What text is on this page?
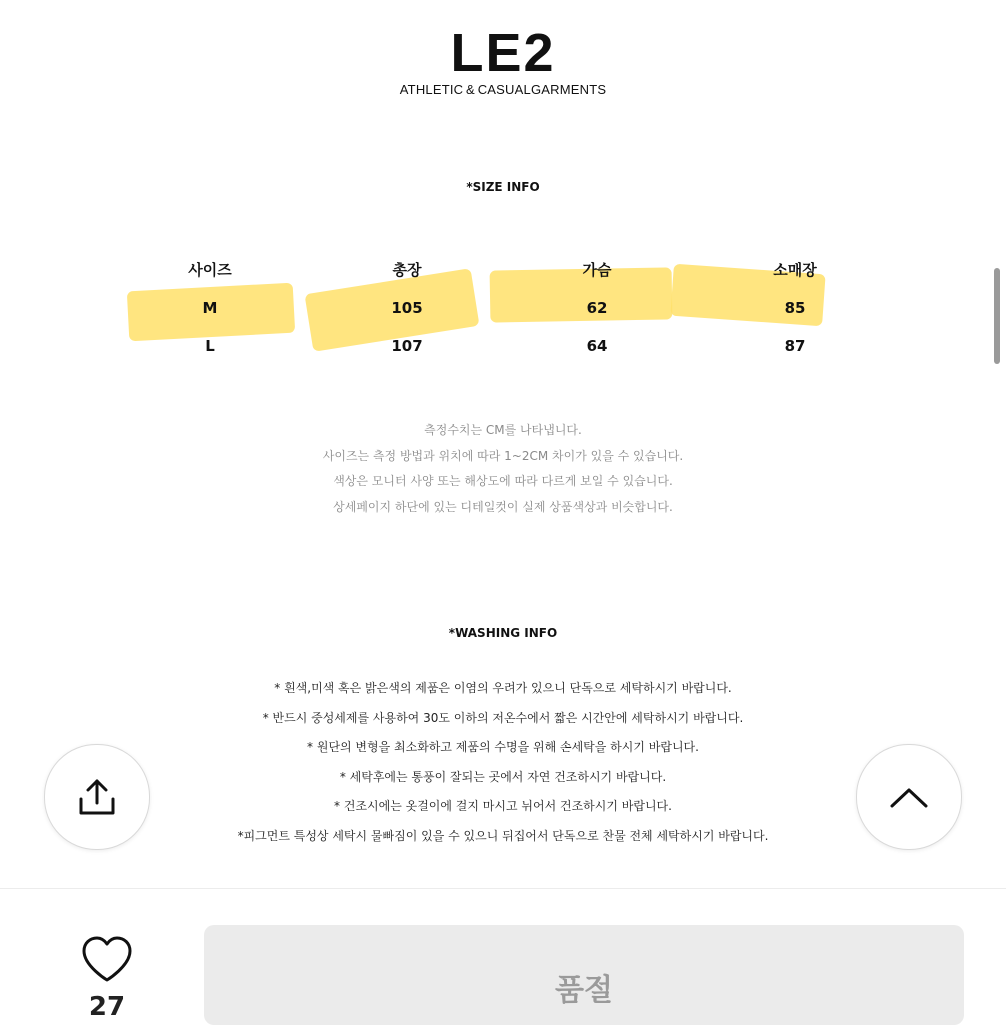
LE2
ATHLETIC & CASUALGARMENTS
*SIZE INFO
사이즈	총장	가슴	소매장
M	105	62	85
L	107	64	87
측정수치는 CM를 나타냅니다.
사이즈는 측정 방법과 위치에 따라 1~2CM 차이가 있을 수 있습니다.
색상은 모니터 사양 또는 해상도에 따라 다르게 보일 수 있습니다.
상세페이지 하단에 있는 디테일컷이 실제 상품색상과 비슷합니다.
*WASHING INFO
* 흰색,미색 혹은 밝은색의 제품은 이염의 우려가 있으니 단독으로 세탁하시기 바랍니다.
* 반드시 중성세제를 사용하여 30도 이하의 저온수에서 짧은 시간안에 세탁하시기 바랍니다.
* 원단의 변형을 최소화하고 제품의 수명을 위해 손세탁을 하시기 바랍니다.
* 세탁후에는 통풍이 잘되는 곳에서 자연 건조하시기 바랍니다.
* 건조시에는 옷걸이에 걸지 마시고 뉘어서 건조하시기 바랍니다.
*피그먼트 특성상 세탁시 물빠짐이 있을 수 있으니 뒤집어서 단독으로 찬물 전체 세탁하시기 바랍니다.
27	품절
